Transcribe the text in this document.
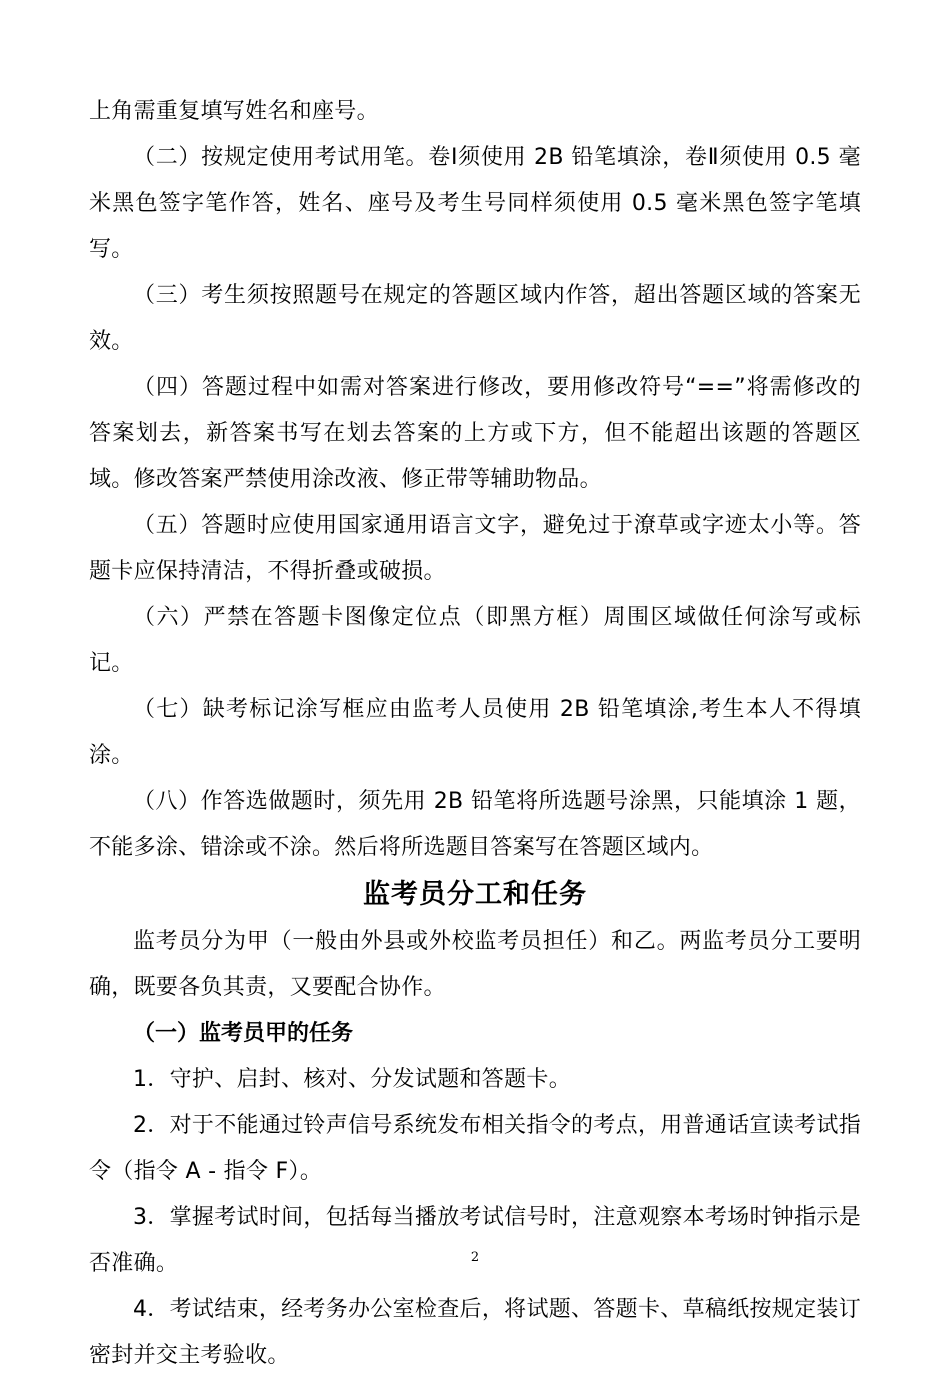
上角需重复填写姓名和座号。

（二）按规定使用考试用笔。卷Ⅰ须使用 2B 铅笔填涂，卷Ⅱ须使用 0.5 毫米黑色签字笔作答，姓名、座号及考生号同样须使用 0.5 毫米黑色签字笔填写。

（三）考生须按照题号在规定的答题区域内作答，超出答题区域的答案无效。

（四）答题过程中如需对答案进行修改，要用修改符号“==”将需修改的答案划去，新答案书写在划去答案的上方或下方，但不能超出该题的答题区域。修改答案严禁使用涂改液、修正带等辅助物品。

（五）答题时应使用国家通用语言文字，避免过于潦草或字迹太小等。答题卡应保持清洁，不得折叠或破损。

（六）严禁在答题卡图像定位点（即黑方框）周围区域做任何涂写或标记。

（七）缺考标记涂写框应由监考人员使用 2B 铅笔填涂,考生本人不得填涂。

（八）作答选做题时，须先用 2B 铅笔将所选题号涂黑，只能填涂 1 题，不能多涂、错涂或不涂。然后将所选题目答案写在答题区域内。

监考员分工和任务

监考员分为甲（一般由外县或外校监考员担任）和乙。两监考员分工要明确，既要各负其责，又要配合协作。

（一）监考员甲的任务

1．守护、启封、核对、分发试题和答题卡。

2．对于不能通过铃声信号系统发布相关指令的考点，用普通话宣读考试指令（指令 A - 指令 F）。

3．掌握考试时间，包括每当播放考试信号时，注意观察本考场时钟指示是否准确。

4．考试结束，经考务办公室检查后，将试题、答题卡、草稿纸按规定装订密封并交主考验收。

2
